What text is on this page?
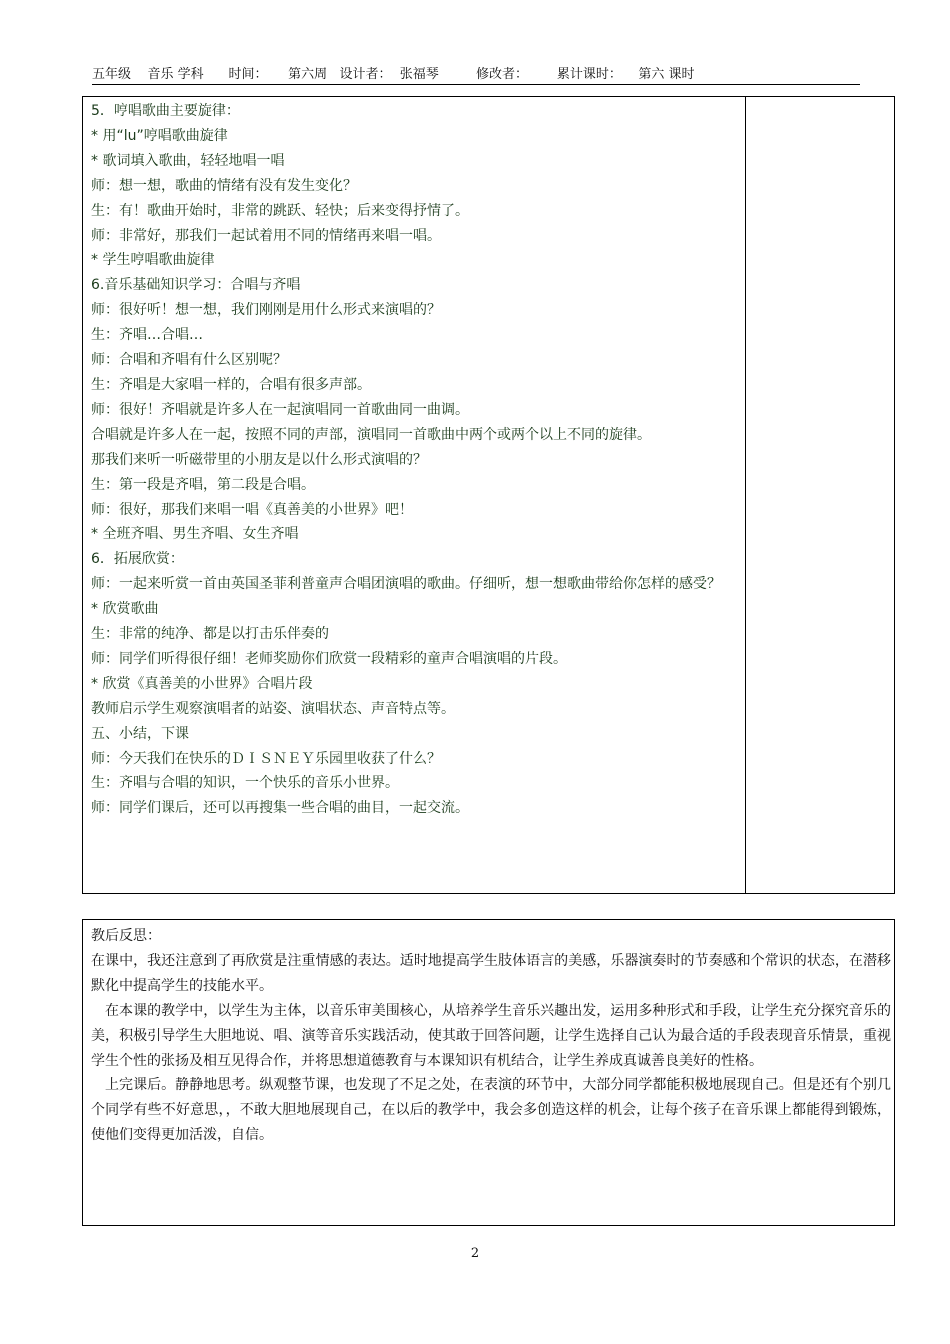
五年级    音乐 学科      时间：     第六周   设计者：  张福琴         修改者：       累计课时：    第六 课时
5．哼唱歌曲主要旋律：
* 用“lu”哼唱歌曲旋律
* 歌词填入歌曲，轻轻地唱一唱
师：想一想，歌曲的情绪有没有发生变化？
生：有！歌曲开始时，非常的跳跃、轻快；后来变得抒情了。
师：非常好，那我们一起试着用不同的情绪再来唱一唱。
* 学生哼唱歌曲旋律
6.音乐基础知识学习：合唱与齐唱
师：很好听！想一想，我们刚刚是用什么形式来演唱的？
生：齐唱…合唱…
师：合唱和齐唱有什么区别呢？
生：齐唱是大家唱一样的，合唱有很多声部。
师：很好！齐唱就是许多人在一起演唱同一首歌曲同一曲调。
合唱就是许多人在一起，按照不同的声部，演唱同一首歌曲中两个或两个以上不同的旋律。
那我们来听一听磁带里的小朋友是以什么形式演唱的？
生：第一段是齐唱，第二段是合唱。
师：很好，那我们来唱一唱《真善美的小世界》吧！
* 全班齐唱、男生齐唱、女生齐唱
6．拓展欣赏：
师：一起来听赏一首由英国圣菲利普童声合唱团演唱的歌曲。仔细听，想一想歌曲带给你怎样的感受？
* 欣赏歌曲
生：非常的纯净、都是以打击乐伴奏的
师：同学们听得很仔细！老师奖励你们欣赏一段精彩的童声合唱演唱的片段。
* 欣赏《真善美的小世界》合唱片段
教师启示学生观察演唱者的站姿、演唱状态、声音特点等。
五、小结，下课
师：今天我们在快乐的ＤＩＳＮＥＹ乐园里收获了什么？
生：齐唱与合唱的知识，一个快乐的音乐小世界。
师：同学们课后，还可以再搜集一些合唱的曲目，一起交流。
教后反思：
在课中，我还注意到了再欣赏是注重情感的表达。适时地提高学生肢体语言的美感，乐器演奏时的节奏感和个常识的状态，在潜移默化中提高学生的技能水平。
在本课的教学中，以学生为主体，以音乐审美围核心，从培养学生音乐兴趣出发，运用多种形式和手段，让学生充分探究音乐的美，积极引导学生大胆地说、唱、演等音乐实践活动，使其敢于回答问题，让学生选择自己认为最合适的手段表现音乐情景，重视学生个性的张扬及相互见得合作，并将思想道德教育与本课知识有机结合，让学生养成真诚善良美好的性格。
上完课后。静静地思考。纵观整节课，也发现了不足之处，在表演的环节中，大部分同学都能积极地展现自己。但是还有个别几个同学有些不好意思，，不敢大胆地展现自己，在以后的教学中，我会多创造这样的机会，让每个孩子在音乐课上都能得到锻炼，使他们变得更加活泼，自信。
2
